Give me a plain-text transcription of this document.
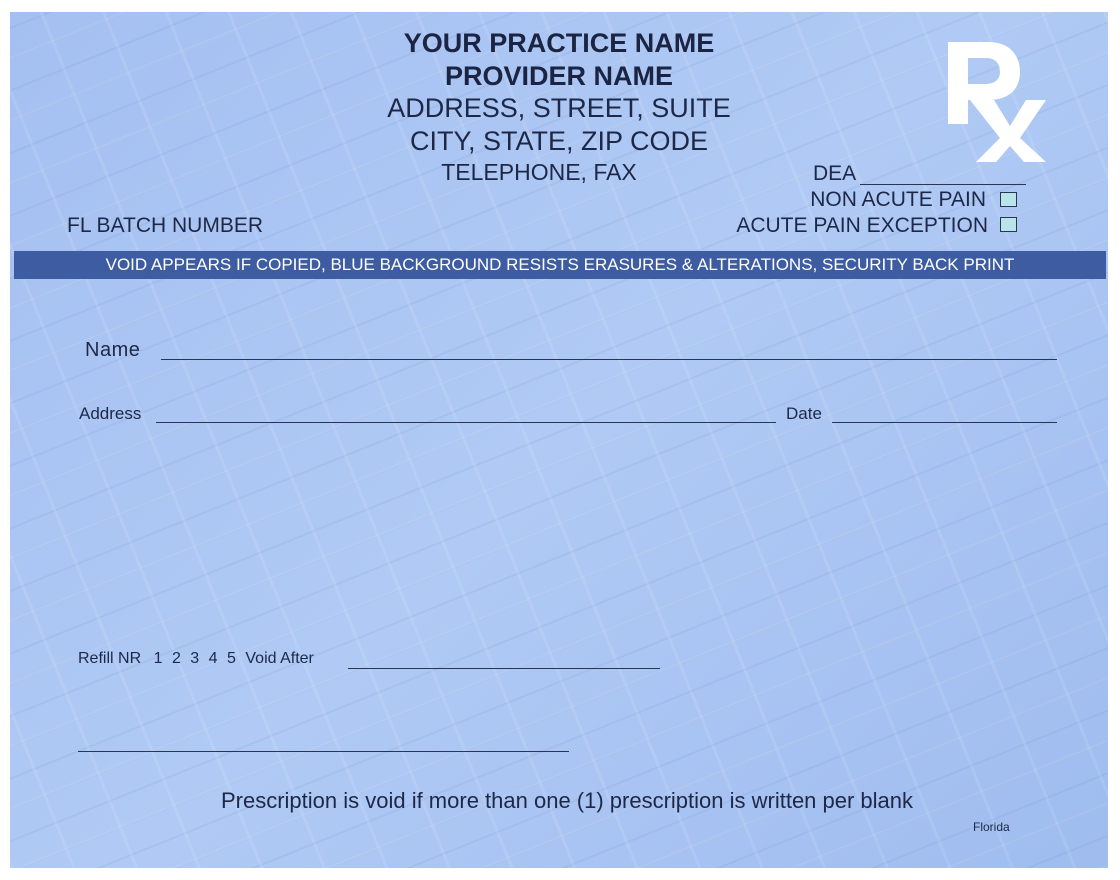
YOUR PRACTICE NAME
PROVIDER NAME
ADDRESS, STREET, SUITE
CITY, STATE, ZIP CODE
TELEPHONE, FAX	DEA
NON ACUTE PAIN
ACUTE PAIN EXCEPTION
FL BATCH NUMBER
VOID APPEARS IF COPIED, BLUE BACKGROUND RESISTS ERASURES & ALTERATIONS, SECURITY BACK PRINT
Name
Address	Date
Refill NR 1 2 3 4 5 Void After
Prescription is void if more than one (1) prescription is written per blank
Florida
